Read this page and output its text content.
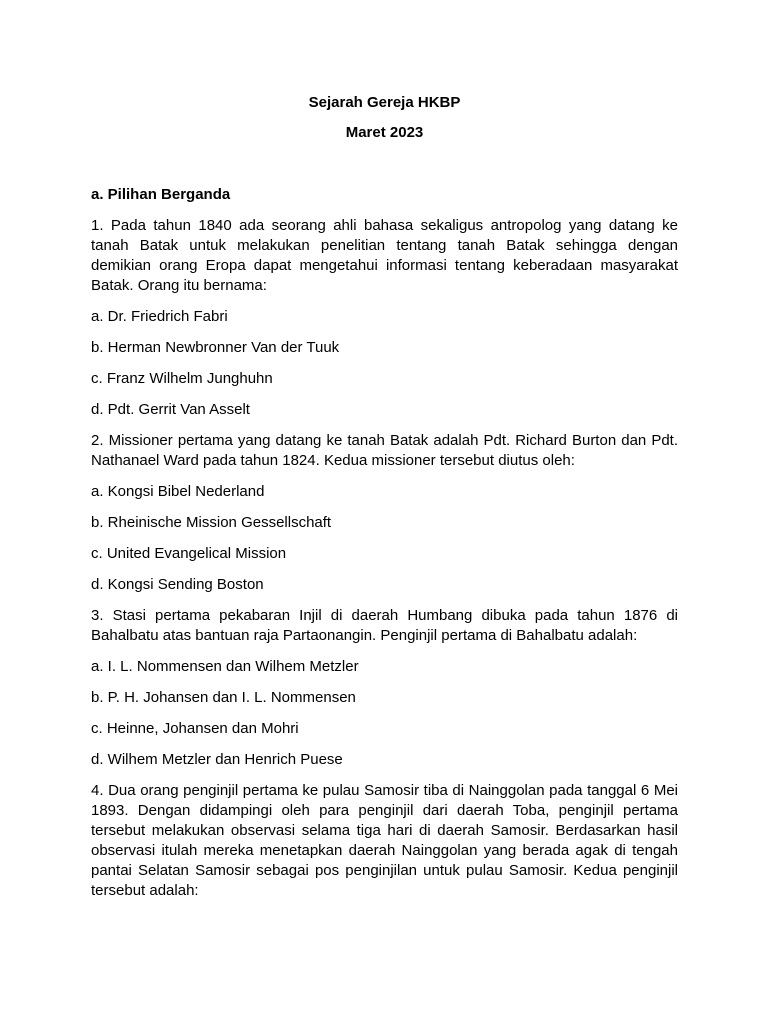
Sejarah Gereja HKBP

Maret 2023

a. Pilihan Berganda

1. Pada tahun 1840 ada seorang ahli bahasa sekaligus antropolog yang datang ke tanah Batak untuk melakukan penelitian tentang tanah Batak sehingga dengan demikian orang Eropa dapat mengetahui informasi tentang keberadaan masyarakat Batak. Orang itu bernama:

a. Dr. Friedrich Fabri

b. Herman Newbronner Van der Tuuk

c. Franz Wilhelm Junghuhn

d. Pdt. Gerrit Van Asselt

2. Missioner pertama yang datang ke tanah Batak adalah Pdt. Richard Burton dan Pdt. Nathanael Ward pada tahun 1824. Kedua missioner tersebut diutus oleh:

a. Kongsi Bibel Nederland

b. Rheinische Mission Gessellschaft

c. United Evangelical Mission

d. Kongsi Sending Boston

3. Stasi pertama pekabaran Injil di daerah Humbang dibuka pada tahun 1876 di Bahalbatu atas bantuan raja Partaonangin. Penginjil pertama di Bahalbatu adalah:

a. I. L. Nommensen dan Wilhem Metzler

b. P. H. Johansen dan I. L. Nommensen

c. Heinne, Johansen dan Mohri

d. Wilhem Metzler dan Henrich Puese

4. Dua orang penginjil pertama ke pulau Samosir tiba di Nainggolan pada tanggal 6 Mei 1893. Dengan didampingi oleh para penginjil dari daerah Toba, penginjil pertama tersebut melakukan observasi selama tiga hari di daerah Samosir. Berdasarkan hasil observasi itulah mereka menetapkan daerah Nainggolan yang berada agak di tengah pantai Selatan Samosir sebagai pos penginjilan untuk pulau Samosir. Kedua penginjil tersebut adalah:
